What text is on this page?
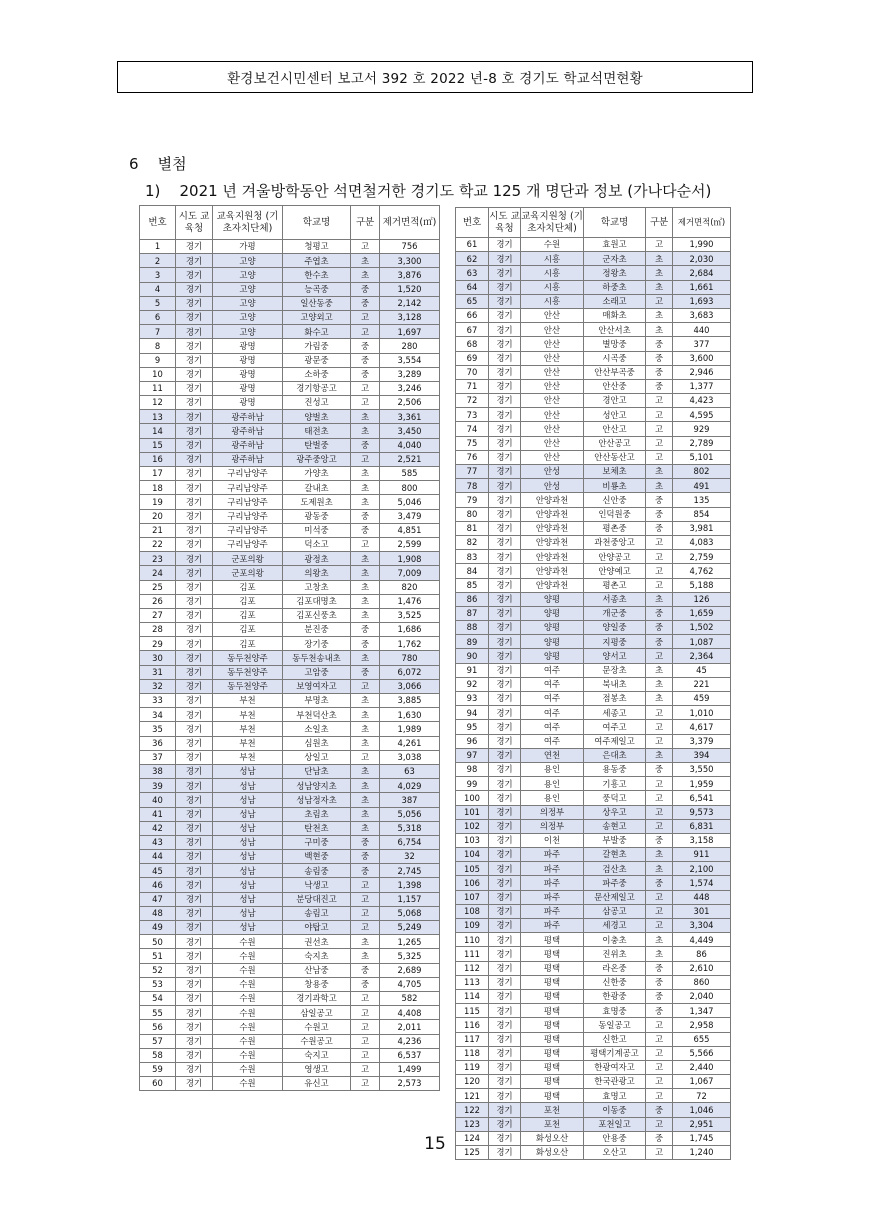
환경보건시민센터 보고서 392 호 2022 년-8 호 경기도 학교석면현황
6 별첨
1) 2021 년 겨울방학동안 석면철거한 경기도 학교 125 개 명단과 정보 (가나다순서)
번호	시도 교육청	교육지원청 (기초자치단체)	학교명	구분	제거면적(㎡)
1	경기	가평	청평고	고	756
2	경기	고양	주엽초	초	3,300
3	경기	고양	한수초	초	3,876
4	경기	고양	능곡중	중	1,520
5	경기	고양	일산동중	중	2,142
6	경기	고양	고양외고	고	3,128
7	경기	고양	화수고	고	1,697
8	경기	광명	가림중	중	280
9	경기	광명	광문중	중	3,554
10	경기	광명	소하중	중	3,289
11	경기	광명	경기항공고	고	3,246
12	경기	광명	진성고	고	2,506
13	경기	광주하남	양벌초	초	3,361
14	경기	광주하남	태전초	초	3,450
15	경기	광주하남	탄벌중	중	4,040
16	경기	광주하남	광주중앙고	고	2,521
17	경기	구리남양주	가양초	초	585
18	경기	구리남양주	갈내초	초	800
19	경기	구리남양주	도제원초	초	5,046
20	경기	구리남양주	광동중	중	3,479
21	경기	구리남양주	미석중	중	4,851
22	경기	구리남양주	덕소고	고	2,599
23	경기	군포의왕	광정초	초	1,908
24	경기	군포의왕	의왕초	초	7,009
25	경기	김포	고창초	초	820
26	경기	김포	김포대명초	초	1,476
27	경기	김포	김포신풍초	초	3,525
28	경기	김포	분진중	중	1,686
29	경기	김포	장기중	중	1,762
30	경기	동두천양주	동두천송내초	초	780
31	경기	동두천양주	고암중	중	6,072
32	경기	동두천양주	보영여자고	고	3,066
33	경기	부천	부명초	초	3,885
34	경기	부천	부천덕산초	초	1,630
35	경기	부천	소일초	초	1,989
36	경기	부천	심원초	초	4,261
37	경기	부천	상일고	고	3,038
38	경기	성남	단남초	초	63
39	경기	성남	성남양지초	초	4,029
40	경기	성남	성남정자초	초	387
41	경기	성남	초림초	초	5,056
42	경기	성남	탄천초	초	5,318
43	경기	성남	구미중	중	6,754
44	경기	성남	백현중	중	32
45	경기	성남	송림중	중	2,745
46	경기	성남	낙생고	고	1,398
47	경기	성남	분당대진고	고	1,157
48	경기	성남	송림고	고	5,068
49	경기	성남	야탑고	고	5,249
50	경기	수원	권선초	초	1,265
51	경기	수원	숙지초	초	5,325
52	경기	수원	산남중	중	2,689
53	경기	수원	창용중	중	4,705
54	경기	수원	경기과학고	고	582
55	경기	수원	삼일공고	고	4,408
56	경기	수원	수원고	고	2,011
57	경기	수원	수원공고	고	4,236
58	경기	수원	숙지고	고	6,537
59	경기	수원	영생고	고	1,499
60	경기	수원	유신고	고	2,573
번호	시도 교육청	교육지원청 (기초자치단체)	학교명	구분	제거면적(㎡)
61	경기	수원	효원고	고	1,990
62	경기	시흥	군자초	초	2,030
63	경기	시흥	정왕초	초	2,684
64	경기	시흥	하중초	초	1,661
65	경기	시흥	소래고	고	1,693
66	경기	안산	매화초	초	3,683
67	경기	안산	안산서초	초	440
68	경기	안산	별망중	중	377
69	경기	안산	시곡중	중	3,600
70	경기	안산	안산부곡중	중	2,946
71	경기	안산	안산중	중	1,377
72	경기	안산	경안고	고	4,423
73	경기	안산	성안고	고	4,595
74	경기	안산	안산고	고	929
75	경기	안산	안산공고	고	2,789
76	경기	안산	안산동산고	고	5,101
77	경기	안성	보체초	초	802
78	경기	안성	비룡초	초	491
79	경기	안양과천	신안중	중	135
80	경기	안양과천	인덕원중	중	854
81	경기	안양과천	평촌중	중	3,981
82	경기	안양과천	과천중앙고	고	4,083
83	경기	안양과천	안양공고	고	2,759
84	경기	안양과천	안양예고	고	4,762
85	경기	안양과천	평촌고	고	5,188
86	경기	양평	서종초	초	126
87	경기	양평	개군중	중	1,659
88	경기	양평	양일중	중	1,502
89	경기	양평	지평중	중	1,087
90	경기	양평	양서고	고	2,364
91	경기	여주	문장초	초	45
92	경기	여주	북내초	초	221
93	경기	여주	점봉초	초	459
94	경기	여주	세종고	고	1,010
95	경기	여주	여주고	고	4,617
96	경기	여주	여주제일고	고	3,379
97	경기	연천	은대초	초	394
98	경기	용인	용동중	중	3,550
99	경기	용인	기흥고	고	1,959
100	경기	용인	풍덕고	고	6,541
101	경기	의정부	상우고	고	9,573
102	경기	의정부	송현고	고	6,831
103	경기	이천	부발중	중	3,158
104	경기	파주	갈현초	초	911
105	경기	파주	검산초	초	2,100
106	경기	파주	파주중	중	1,574
107	경기	파주	문산제일고	고	448
108	경기	파주	삼공고	고	301
109	경기	파주	세경고	고	3,304
110	경기	평택	이충초	초	4,449
111	경기	평택	진위초	초	86
112	경기	평택	라온중	중	2,610
113	경기	평택	신한중	중	860
114	경기	평택	한광중	중	2,040
115	경기	평택	효명중	중	1,347
116	경기	평택	동일공고	고	2,958
117	경기	평택	신한고	고	655
118	경기	평택	평택기계공고	고	5,566
119	경기	평택	한광여자고	고	2,440
120	경기	평택	한국관광고	고	1,067
121	경기	평택	효명고	고	72
122	경기	포천	이동중	중	1,046
123	경기	포천	포천일고	고	2,951
124	경기	화성오산	안용중	중	1,745
125	경기	화성오산	오산고	고	1,240
15
